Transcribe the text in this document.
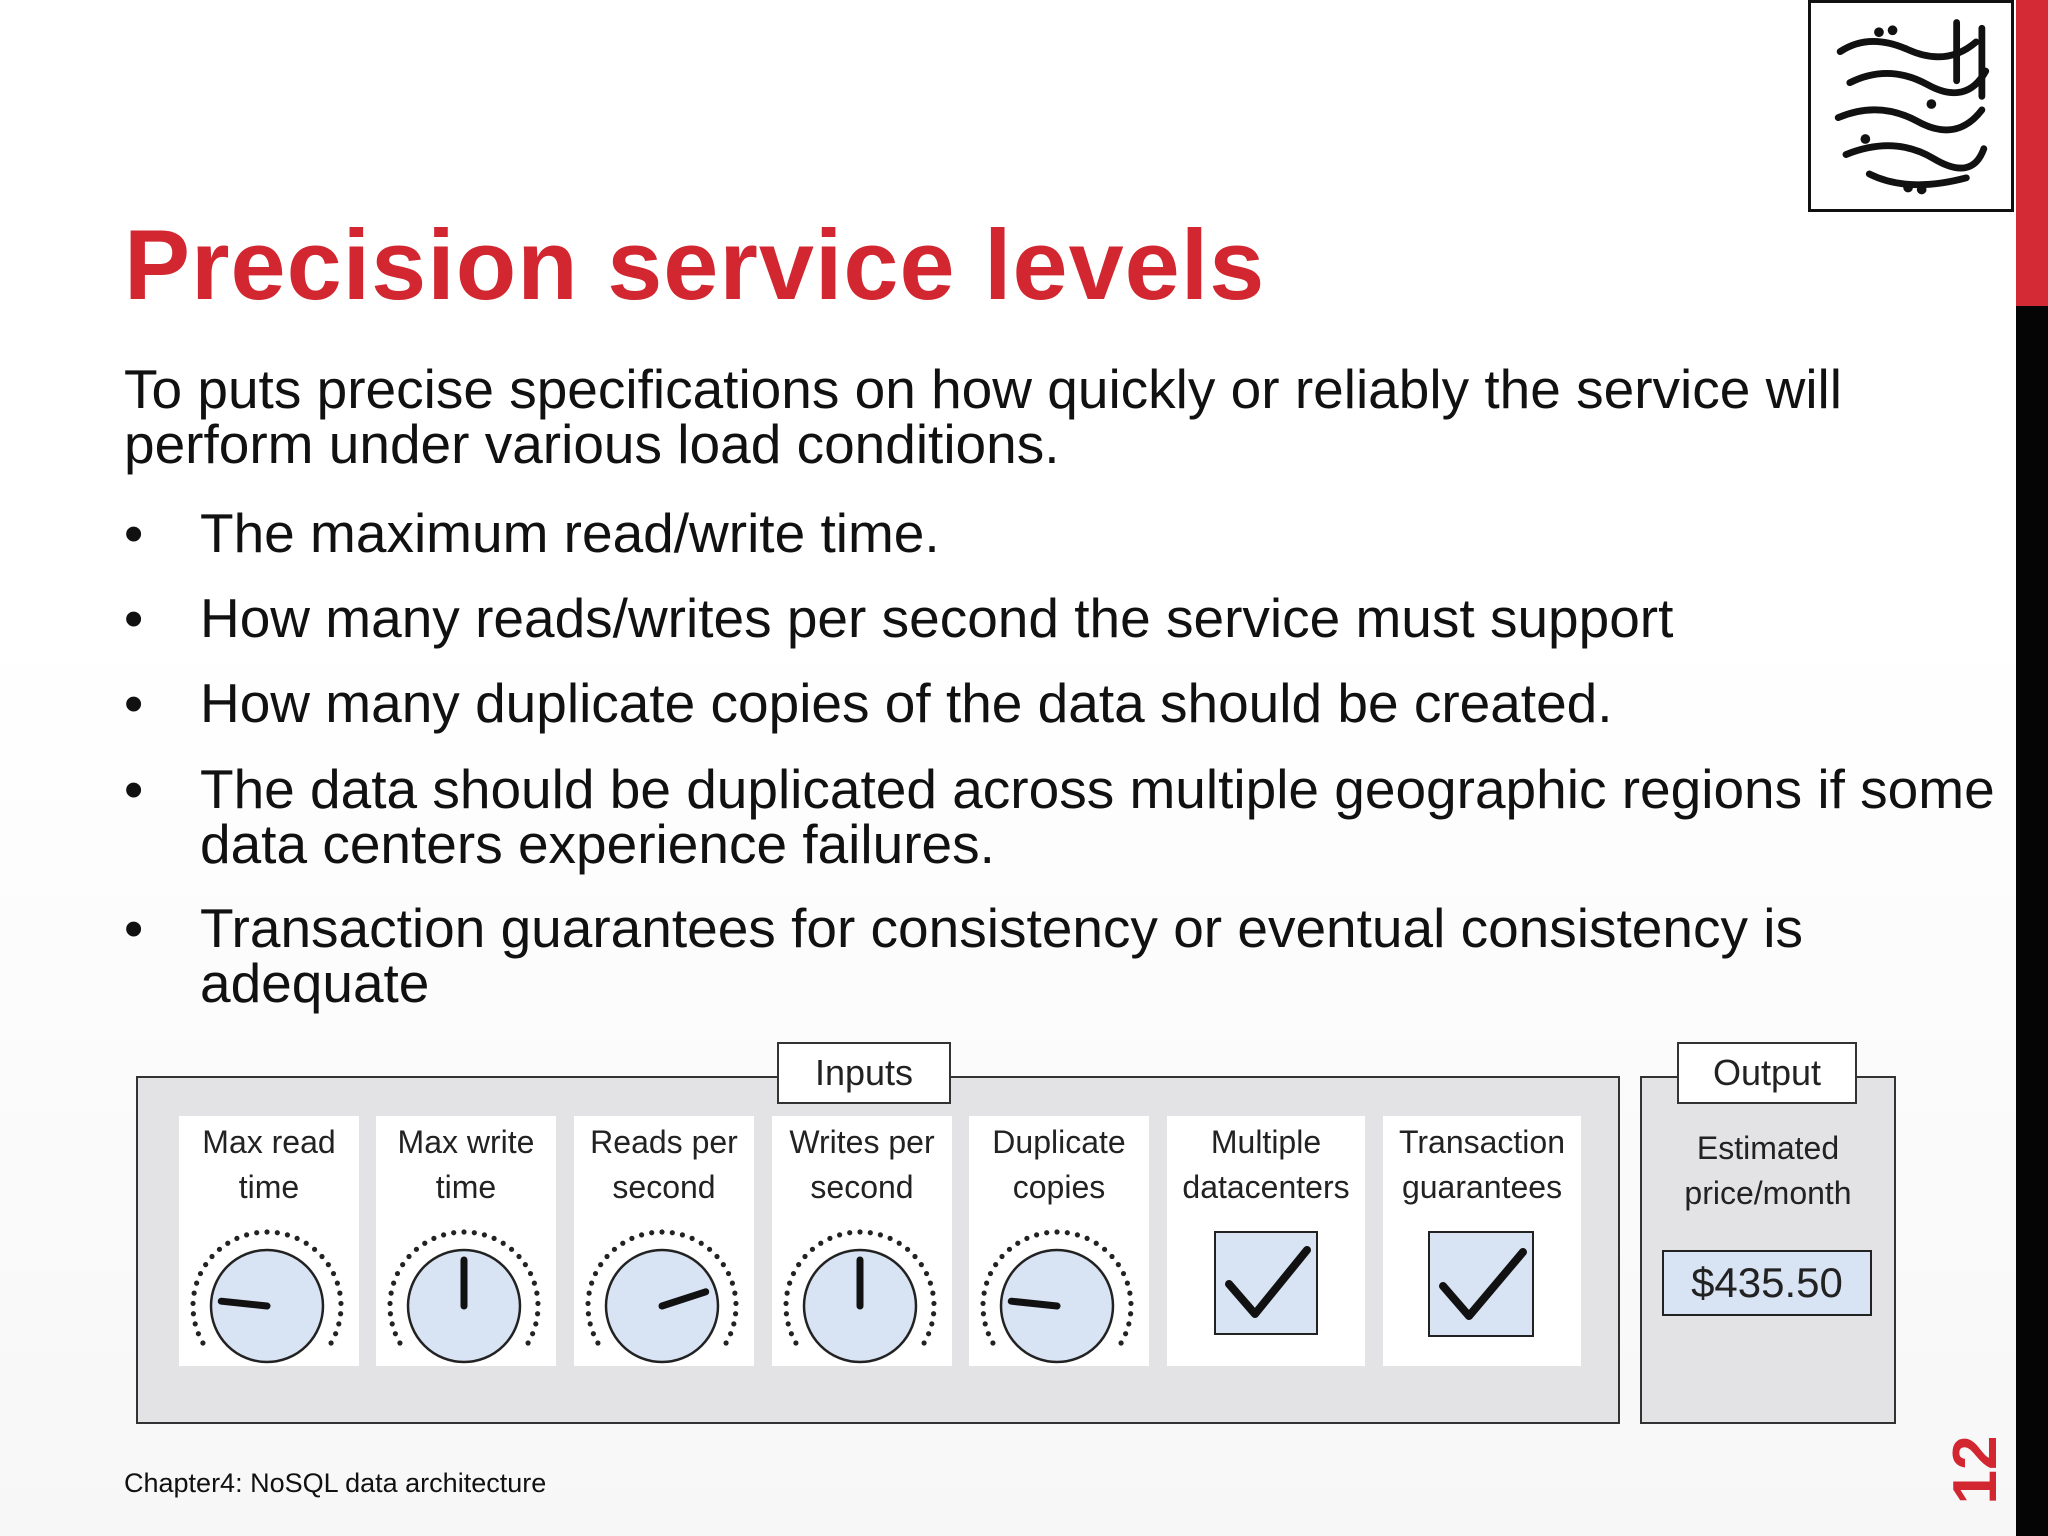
Precision service levels

To puts precise specifications on how quickly or reliably the service will perform under various load conditions.

•	The maximum read/write time.
•	How many reads/writes per second the service must support
•	How many duplicate copies of the data should be created.
•	The data should be duplicated across multiple geographic regions if some data centers experience failures.
•	Transaction guarantees for consistency or eventual consistency is adequate
Inputs	Output
Max read
time
Max write
time
Reads per
second
Writes per
second
Duplicate
copies
Multiple
datacenters
Transaction
guarantees
Estimated
price/month
$435.50
Chapter4: NoSQL data architecture	12
